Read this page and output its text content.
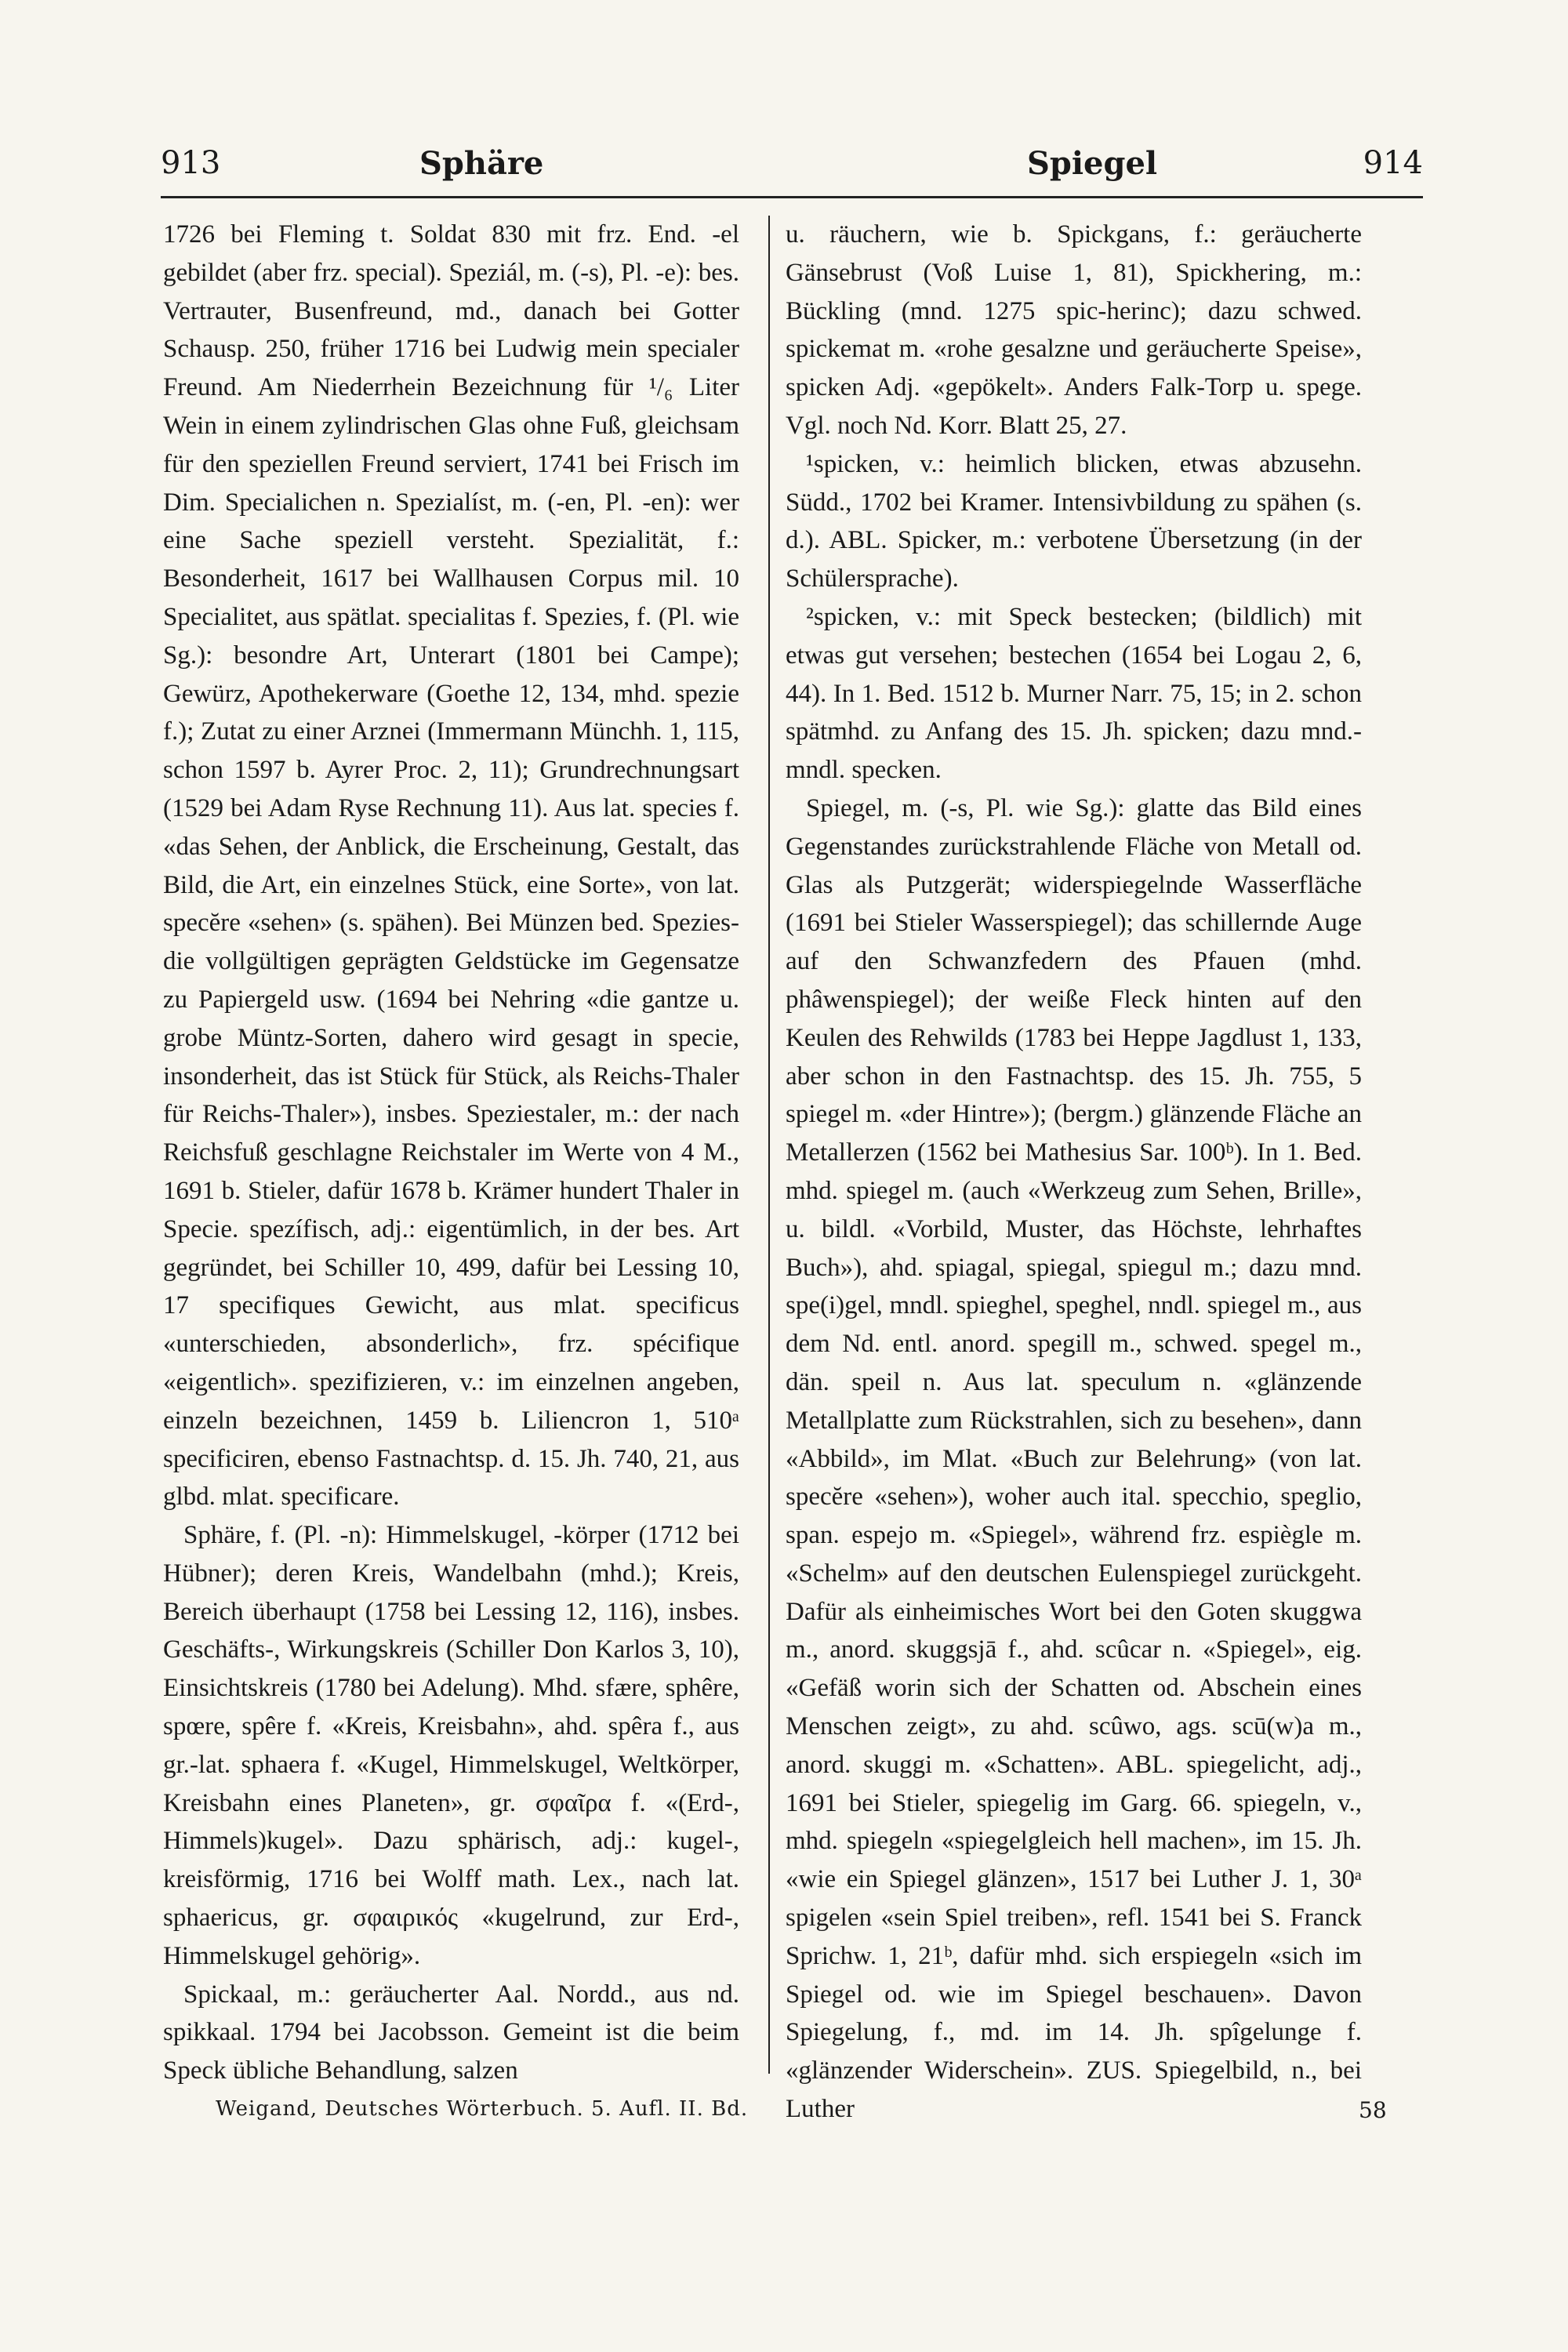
913	Sphäre	Spiegel	914

1726 bei Fleming t. Soldat 830 mit frz. End. -el gebildet (aber frz. special). Speziál, m. (-s), Pl. -e): bes. Vertrauter, Busenfreund, md., danach bei Gotter Schausp. 250, früher 1716 bei Ludwig mein specialer Freund. Am Niederrhein Bezeichnung für ¹/₆ Liter Wein in einem zylindrischen Glas ohne Fuß, gleichsam für den speziellen Freund serviert, 1741 bei Frisch im Dim. Specialichen n. Spezialíst, m. (-en, Pl. -en): wer eine Sache speziell versteht. Spezialität, f.: Besonderheit, 1617 bei Wallhausen Corpus mil. 10 Specialitet, aus spätlat. specialitas f. Spezies, f. (Pl. wie Sg.): besondre Art, Unterart (1801 bei Campe); Gewürz, Apothekerware (Goethe 12, 134, mhd. spezie f.); Zutat zu einer Arznei (Immermann Münchh. 1, 115, schon 1597 b. Ayrer Proc. 2, 11); Grundrechnungsart (1529 bei Adam Ryse Rechnung 11). Aus lat. species f. «das Sehen, der Anblick, die Erscheinung, Gestalt, das Bild, die Art, ein einzelnes Stück, eine Sorte», von lat. specĕre «sehen» (s. spähen). Bei Münzen bed. Spezies- die vollgültigen geprägten Geldstücke im Gegensatze zu Papiergeld usw. (1694 bei Nehring «die gantze u. grobe Müntz-Sorten, dahero wird gesagt in specie, insonderheit, das ist Stück für Stück, als Reichs-Thaler für Reichs-Thaler»), insbes. Speziestaler, m.: der nach Reichsfuß geschlagne Reichstaler im Werte von 4 M., 1691 b. Stieler, dafür 1678 b. Krämer hundert Thaler in Specie. spezífisch, adj.: eigentümlich, in der bes. Art gegründet, bei Schiller 10, 499, dafür bei Lessing 10, 17 specifiques Gewicht, aus mlat. specificus «unterschieden, absonderlich», frz. spécifique «eigentlich». spezifizieren, v.: im einzelnen angeben, einzeln bezeichnen, 1459 b. Liliencron 1, 510ᵃ specificiren, ebenso Fastnachtsp. d. 15. Jh. 740, 21, aus glbd. mlat. specificare.

Sphäre, f. (Pl. -n): Himmelskugel, -körper (1712 bei Hübner); deren Kreis, Wandelbahn (mhd.); Kreis, Bereich überhaupt (1758 bei Lessing 12, 116), insbes. Geschäfts-, Wirkungskreis (Schiller Don Karlos 3, 10), Einsichtskreis (1780 bei Adelung). Mhd. sfære, sphêre, spœre, spêre f. «Kreis, Kreisbahn», ahd. spêra f., aus gr.-lat. sphaera f. «Kugel, Himmelskugel, Weltkörper, Kreisbahn eines Planeten», gr. σφαῖρα f. «(Erd-, Himmels)kugel». Dazu sphärisch, adj.: kugel-, kreisförmig, 1716 bei Wolff math. Lex., nach lat. sphaericus, gr. σφαιρικός «kugelrund, zur Erd-, Himmelskugel gehörig».

Spickaal, m.: geräucherter Aal. Nordd., aus nd. spikkaal. 1794 bei Jacobsson. Gemeint ist die beim Speck übliche Behandlung, salzen

u. räuchern, wie b. Spickgans, f.: geräucherte Gänsebrust (Voß Luise 1, 81), Spickhering, m.: Bückling (mnd. 1275 spic-herinc); dazu schwed. spickemat m. «rohe gesalzne und geräucherte Speise», spicken Adj. «gepökelt». Anders Falk-Torp u. spege. Vgl. noch Nd. Korr. Blatt 25, 27.

¹spicken, v.: heimlich blicken, etwas abzusehn. Südd., 1702 bei Kramer. Intensivbildung zu spähen (s. d.). ABL. Spicker, m.: verbotene Übersetzung (in der Schülersprache).

²spicken, v.: mit Speck bestecken; (bildlich) mit etwas gut versehen; bestechen (1654 bei Logau 2, 6, 44). In 1. Bed. 1512 b. Murner Narr. 75, 15; in 2. schon spätmhd. zu Anfang des 15. Jh. spicken; dazu mnd.-mndl. specken.

Spiegel, m. (-s, Pl. wie Sg.): glatte das Bild eines Gegenstandes zurückstrahlende Fläche von Metall od. Glas als Putzgerät; widerspiegelnde Wasserfläche (1691 bei Stieler Wasserspiegel); das schillernde Auge auf den Schwanzfedern des Pfauen (mhd. phâwenspiegel); der weiße Fleck hinten auf den Keulen des Rehwilds (1783 bei Heppe Jagdlust 1, 133, aber schon in den Fastnachtsp. des 15. Jh. 755, 5 spiegel m. «der Hintre»); (bergm.) glänzende Fläche an Metallerzen (1562 bei Mathesius Sar. 100ᵇ). In 1. Bed. mhd. spiegel m. (auch «Werkzeug zum Sehen, Brille», u. bildl. «Vorbild, Muster, das Höchste, lehrhaftes Buch»), ahd. spiagal, spiegal, spiegul m.; dazu mnd. spe(i)gel, mndl. spieghel, speghel, nndl. spiegel m., aus dem Nd. entl. anord. spegill m., schwed. spegel m., dän. speil n. Aus lat. speculum n. «glänzende Metallplatte zum Rückstrahlen, sich zu besehen», dann «Abbild», im Mlat. «Buch zur Belehrung» (von lat. specĕre «sehen»), woher auch ital. specchio, speglio, span. espejo m. «Spiegel», während frz. espiègle m. «Schelm» auf den deutschen Eulenspiegel zurückgeht. Dafür als einheimisches Wort bei den Goten skuggwa m., anord. skuggsjā f., ahd. scûcar n. «Spiegel», eig. «Gefäß worin sich der Schatten od. Abschein eines Menschen zeigt», zu ahd. scûwo, ags. scū(w)a m., anord. skuggi m. «Schatten». ABL. spiegelicht, adj., 1691 bei Stieler, spiegelig im Garg. 66. spiegeln, v., mhd. spiegeln «spiegelgleich hell machen», im 15. Jh. «wie ein Spiegel glänzen», 1517 bei Luther J. 1, 30ᵃ spigelen «sein Spiel treiben», refl. 1541 bei S. Franck Sprichw. 1, 21ᵇ, dafür mhd. sich erspiegeln «sich im Spiegel od. wie im Spiegel beschauen». Davon Spiegelung, f., md. im 14. Jh. spîgelunge f. «glänzender Widerschein». ZUS. Spiegelbild, n., bei Luther

Weigand, Deutsches Wörterbuch. 5. Aufl. II. Bd.	58
